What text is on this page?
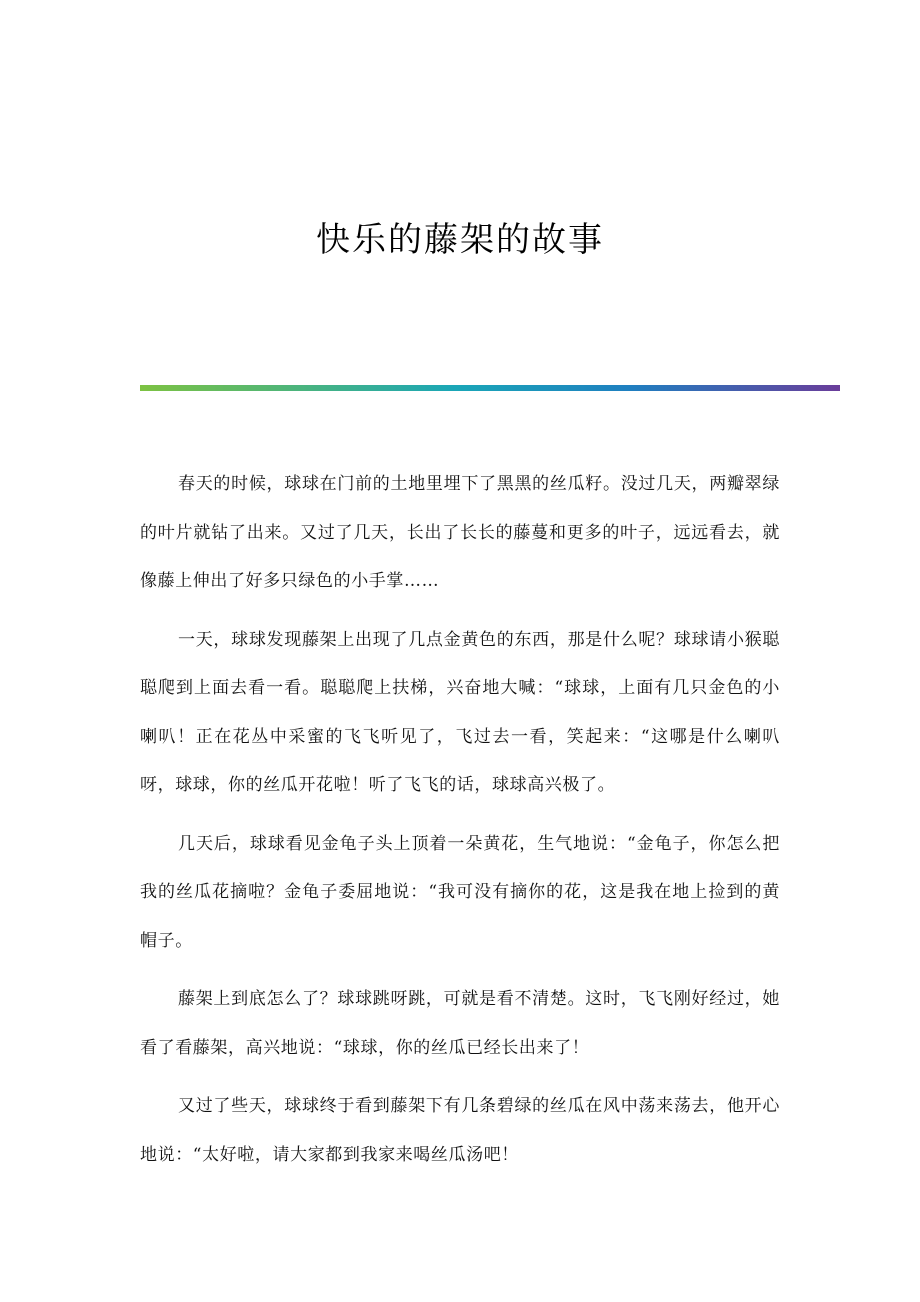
快乐的藤架的故事

春天的时候，球球在门前的土地里埋下了黑黑的丝瓜籽。没过几天，两瓣翠绿的叶片就钻了出来。又过了几天，长出了长长的藤蔓和更多的叶子，远远看去，就像藤上伸出了好多只绿色的小手掌……

一天，球球发现藤架上出现了几点金黄色的东西，那是什么呢？球球请小猴聪聪爬到上面去看一看。聪聪爬上扶梯，兴奋地大喊：“球球，上面有几只金色的小喇叭！正在花丛中采蜜的飞飞听见了，飞过去一看，笑起来：“这哪是什么喇叭呀，球球，你的丝瓜开花啦！听了飞飞的话，球球高兴极了。

几天后，球球看见金龟子头上顶着一朵黄花，生气地说：“金龟子，你怎么把我的丝瓜花摘啦？金龟子委屈地说：“我可没有摘你的花，这是我在地上捡到的黄帽子。

藤架上到底怎么了？球球跳呀跳，可就是看不清楚。这时，飞飞刚好经过，她看了看藤架，高兴地说：“球球，你的丝瓜已经长出来了！

又过了些天，球球终于看到藤架下有几条碧绿的丝瓜在风中荡来荡去，他开心地说：“太好啦，请大家都到我家来喝丝瓜汤吧！
